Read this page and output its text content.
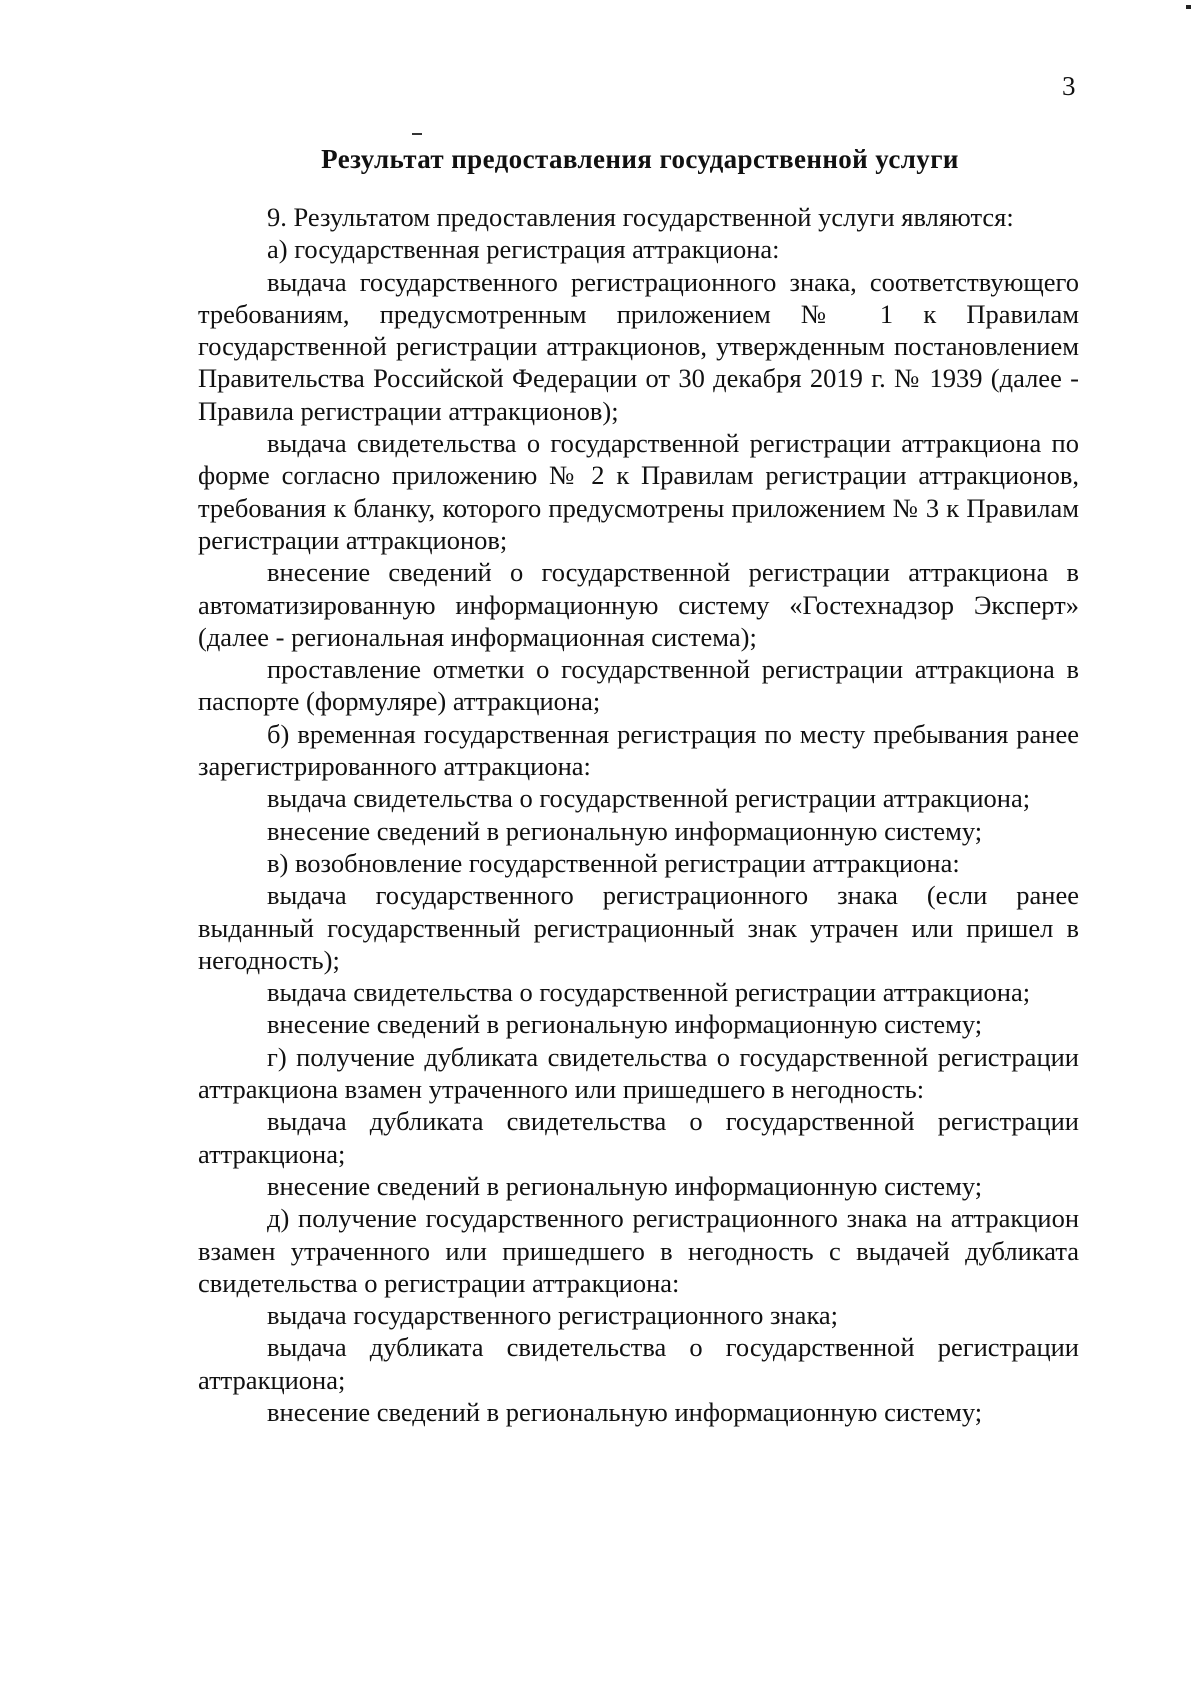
3
Результат предоставления государственной услуги

9. Результатом предоставления государственной услуги являются:

а) государственная регистрация аттракциона:

выдача государственного регистрационного знака, соответствующего требованиям, предусмотренным приложением № 1 к Правилам государственной регистрации аттракционов, утвержденным постановлением Правительства Российской Федерации от 30 декабря 2019 г. № 1939 (далее - Правила регистрации аттракционов);

выдача свидетельства о государственной регистрации аттракциона по форме согласно приложению № 2 к Правилам регистрации аттракционов, требования к бланку, которого предусмотрены приложением № 3 к Правилам регистрации аттракционов;

внесение сведений о государственной регистрации аттракциона в автоматизированную информационную систему «Гостехнадзор Эксперт» (далее - региональная информационная система);

проставление отметки о государственной регистрации аттракциона в паспорте (формуляре) аттракциона;

б) временная государственная регистрация по месту пребывания ранее зарегистрированного аттракциона:

выдача свидетельства о государственной регистрации аттракциона;

внесение сведений в региональную информационную систему;

в) возобновление государственной регистрации аттракциона:

выдача государственного регистрационного знака (если ранее выданный государственный регистрационный знак утрачен или пришел в негодность);

выдача свидетельства о государственной регистрации аттракциона;

внесение сведений в региональную информационную систему;

г) получение дубликата свидетельства о государственной регистрации аттракциона взамен утраченного или пришедшего в негодность:

выдача дубликата свидетельства о государственной регистрации аттракциона;

внесение сведений в региональную информационную систему;

д) получение государственного регистрационного знака на аттракцион взамен утраченного или пришедшего в негодность с выдачей дубликата свидетельства о регистрации аттракциона:

выдача государственного регистрационного знака;

выдача дубликата свидетельства о государственной регистрации аттракциона;

внесение сведений в региональную информационную систему;
